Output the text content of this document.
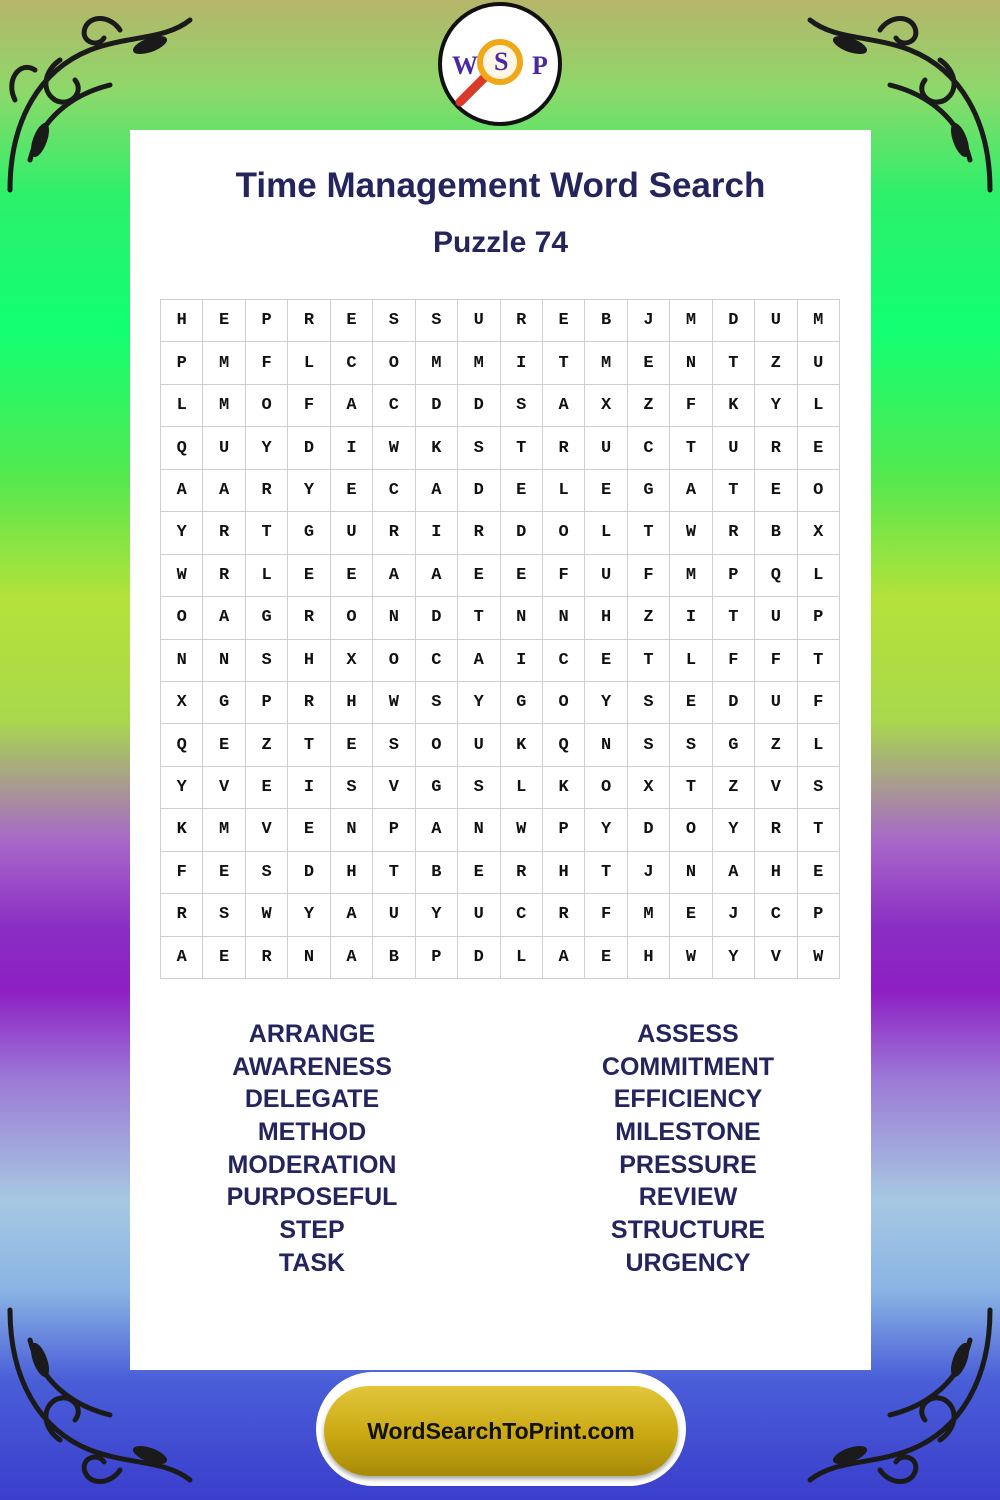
W S P
Time Management Word Search
Puzzle 74
H	E	P	R	E	S	S	U	R	E	B	J	M	D	U	M
P	M	F	L	C	O	M	M	I	T	M	E	N	T	Z	U
L	M	O	F	A	C	D	D	S	A	X	Z	F	K	Y	L
Q	U	Y	D	I	W	K	S	T	R	U	C	T	U	R	E
A	A	R	Y	E	C	A	D	E	L	E	G	A	T	E	O
Y	R	T	G	U	R	I	R	D	O	L	T	W	R	B	X
W	R	L	E	E	A	A	E	E	F	U	F	M	P	Q	L
O	A	G	R	O	N	D	T	N	N	H	Z	I	T	U	P
N	N	S	H	X	O	C	A	I	C	E	T	L	F	F	T
X	G	P	R	H	W	S	Y	G	O	Y	S	E	D	U	F
Q	E	Z	T	E	S	O	U	K	Q	N	S	S	G	Z	L
Y	V	E	I	S	V	G	S	L	K	O	X	T	Z	V	S
K	M	V	E	N	P	A	N	W	P	Y	D	O	Y	R	T
F	E	S	D	H	T	B	E	R	H	T	J	N	A	H	E
R	S	W	Y	A	U	Y	U	C	R	F	M	E	J	C	P
A	E	R	N	A	B	P	D	L	A	E	H	W	Y	V	W
ARRANGE
AWARENESS
DELEGATE
METHOD
MODERATION
PURPOSEFUL
STEP
TASK
ASSESS
COMMITMENT
EFFICIENCY
MILESTONE
PRESSURE
REVIEW
STRUCTURE
URGENCY
WordSearchToPrint.com
